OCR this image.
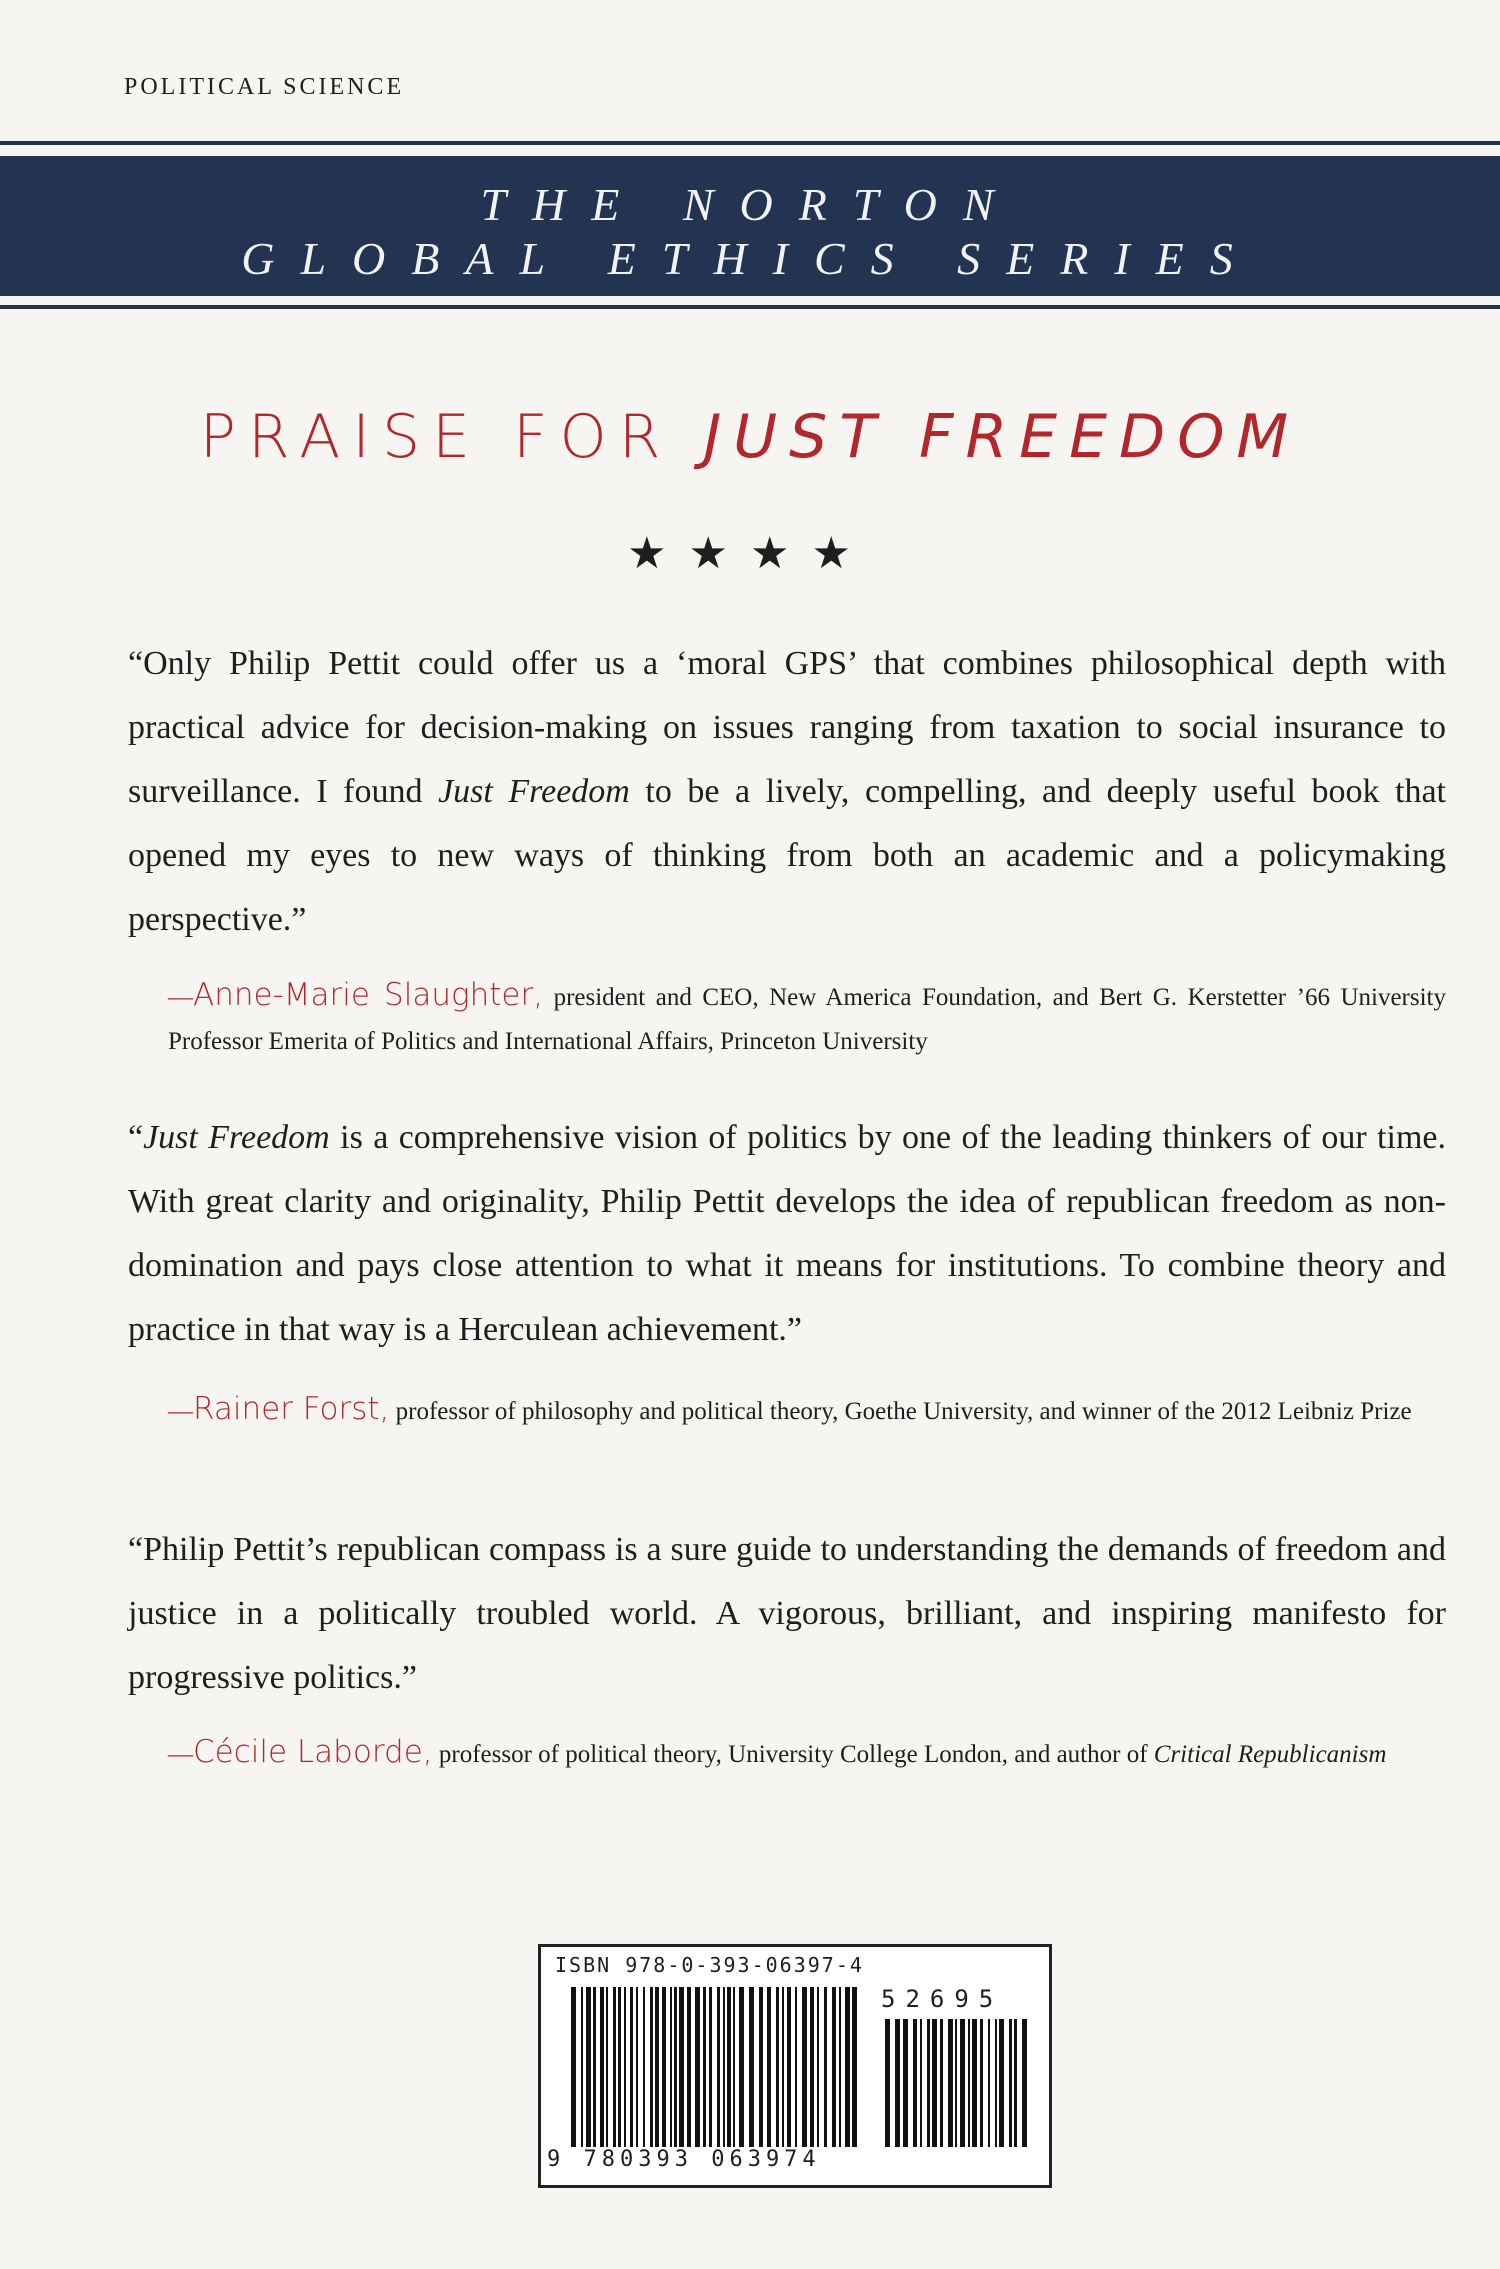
POLITICAL SCIENCE
THE NORTON
GLOBAL ETHICS SERIES
PRAISE FOR JUST FREEDOM
★★★★
“Only Philip Pettit could offer us a ‘moral GPS’ that combines philosophical depth with practical advice for decision-making on issues ranging from taxation to social insurance to surveillance. I found Just Freedom to be a lively, compelling, and deeply useful book that opened my eyes to new ways of thinking from both an academic and a policymaking perspective.”
—Anne-Marie Slaughter, president and CEO, New America Foundation, and Bert G. Kerstetter ’66 University Professor Emerita of Politics and International Affairs, Princeton University
“Just Freedom is a comprehensive vision of politics by one of the leading thinkers of our time. With great clarity and originality, Philip Pettit develops the idea of republican freedom as non-domination and pays close attention to what it means for institutions. To combine theory and practice in that way is a Herculean achievement.”
—Rainer Forst, professor of philosophy and political theory, Goethe University, and winner of the 2012 Leibniz Prize
“Philip Pettit’s republican compass is a sure guide to understanding the demands of freedom and justice in a politically troubled world. A vigorous, brilliant, and inspiring manifesto for progressive politics.”
—Cécile Laborde, professor of political theory, University College London, and author of Critical Republicanism
ISBN 978-0-393-06397-4
52695
9 780393 063974
